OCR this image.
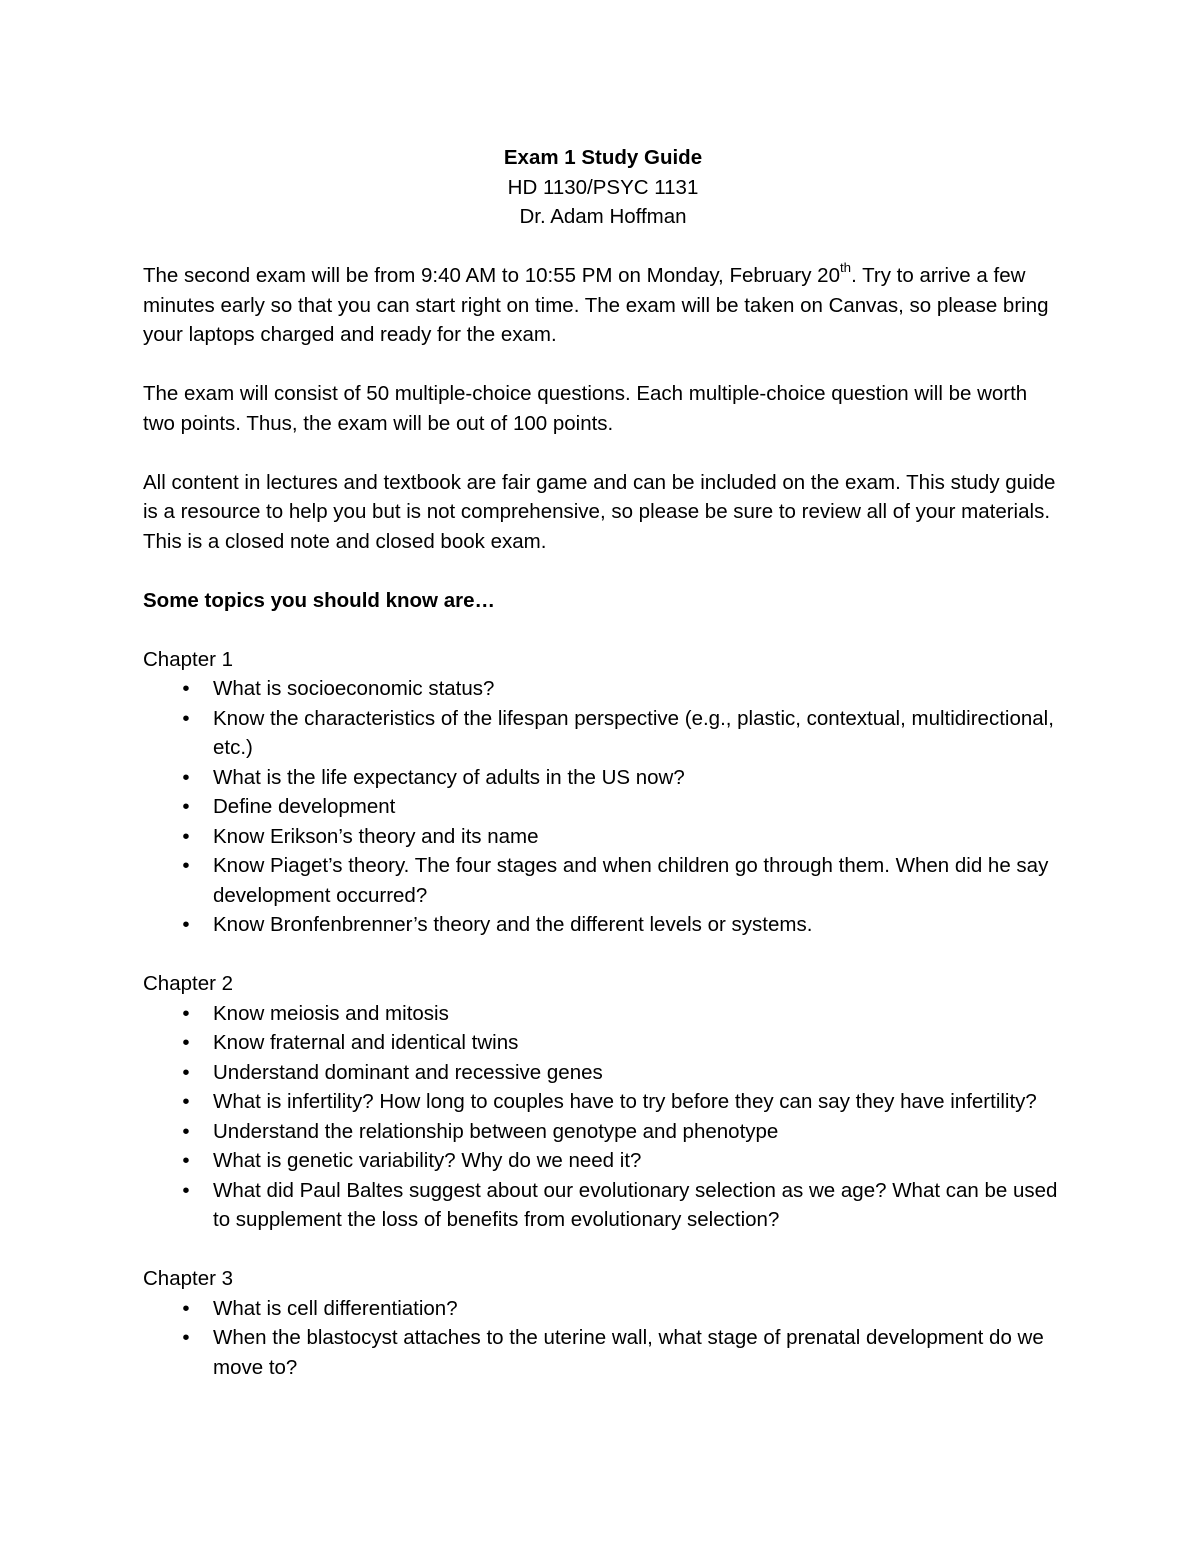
Exam 1 Study Guide
HD 1130/PSYC 1131
Dr. Adam Hoffman

The second exam will be from 9:40 AM to 10:55 PM on Monday, February 20th. Try to arrive a few minutes early so that you can start right on time. The exam will be taken on Canvas, so please bring your laptops charged and ready for the exam.

The exam will consist of 50 multiple-choice questions. Each multiple-choice question will be worth two points. Thus, the exam will be out of 100 points.

All content in lectures and textbook are fair game and can be included on the exam. This study guide is a resource to help you but is not comprehensive, so please be sure to review all of your materials. This is a closed note and closed book exam.

Some topics you should know are…
Chapter 1
•	What is socioeconomic status?
•	Know the characteristics of the lifespan perspective (e.g., plastic, contextual, multidirectional, etc.)
•	What is the life expectancy of adults in the US now?
•	Define development
•	Know Erikson’s theory and its name
•	Know Piaget’s theory. The four stages and when children go through them. When did he say development occurred?
•	Know Bronfenbrenner’s theory and the different levels or systems.
Chapter 2
•	Know meiosis and mitosis
•	Know fraternal and identical twins
•	Understand dominant and recessive genes
•	What is infertility? How long to couples have to try before they can say they have infertility?
•	Understand the relationship between genotype and phenotype
•	What is genetic variability? Why do we need it?
•	What did Paul Baltes suggest about our evolutionary selection as we age? What can be used to supplement the loss of benefits from evolutionary selection?
Chapter 3
•	What is cell differentiation?
•	When the blastocyst attaches to the uterine wall, what stage of prenatal development do we move to?
